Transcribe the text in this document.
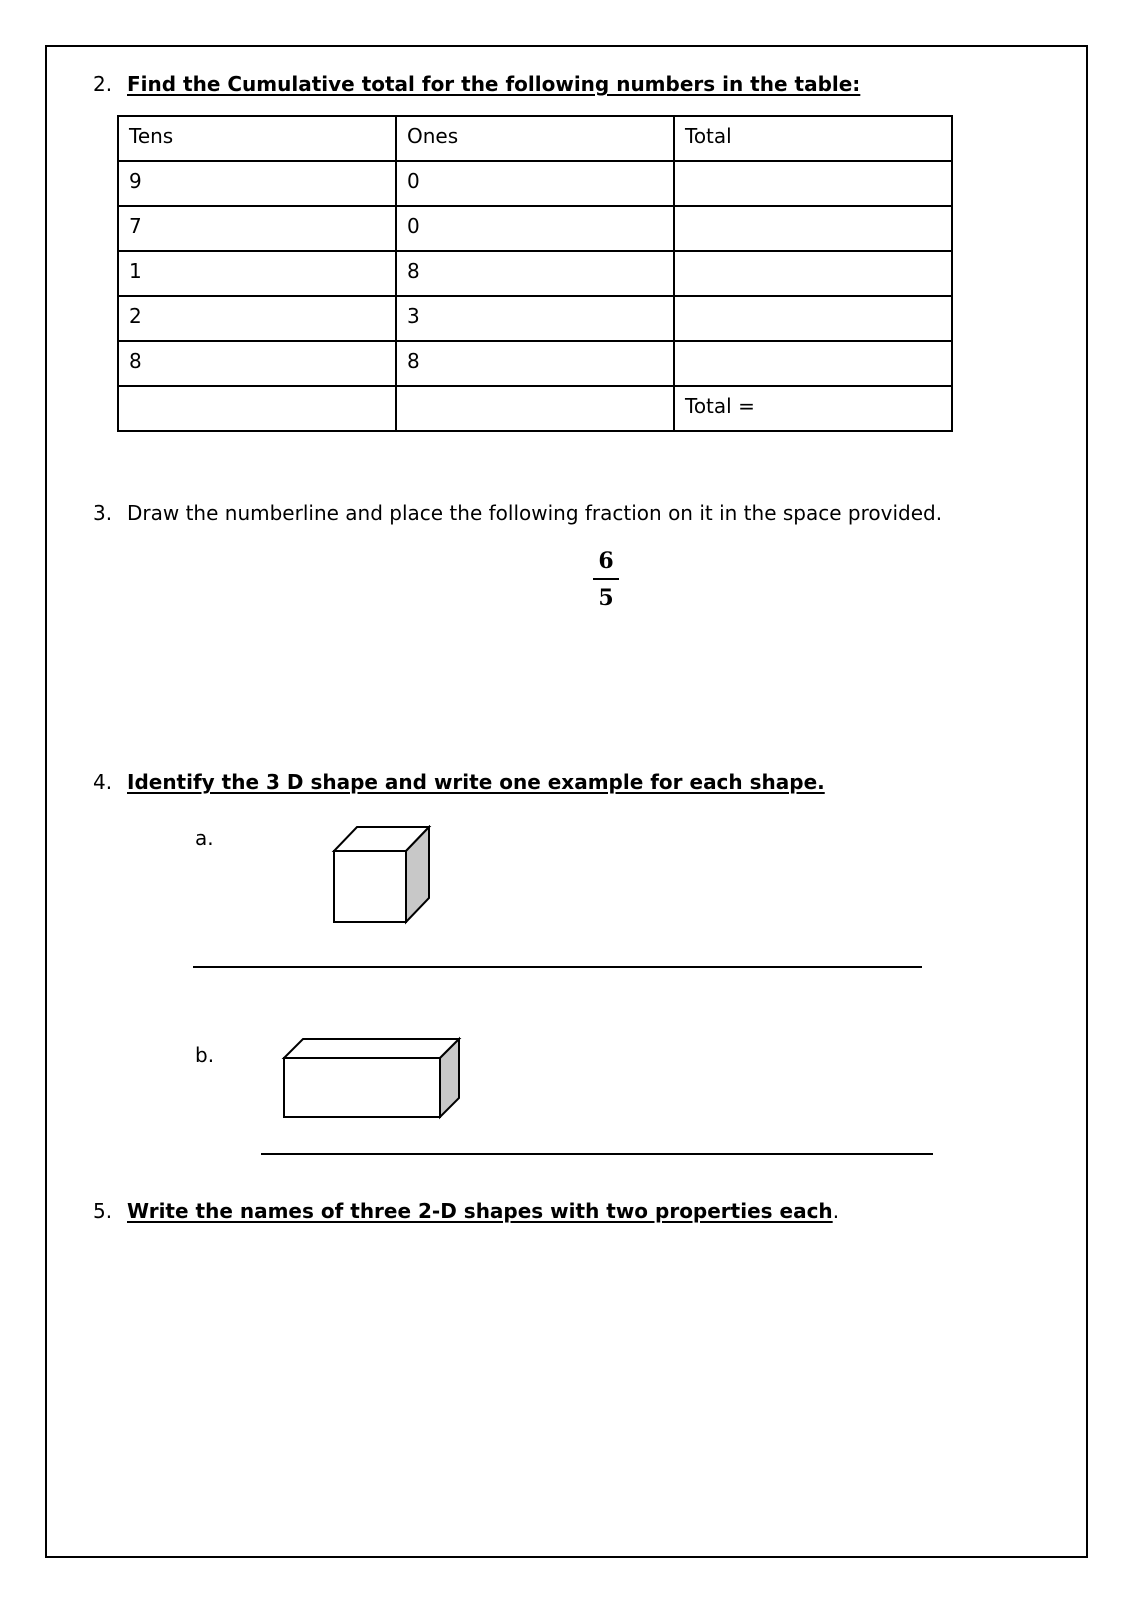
2. Find the Cumulative total for the following numbers in the table:
Tens	Ones	Total
9	0	
7	0	
1	8	
2	3	
8	8	
		Total =
3. Draw the numberline and place the following fraction on it in the space provided.
6
5
4. Identify the 3 D shape and write one example for each shape.
a.
b.
5. Write the names of three 2-D shapes with two properties each.
